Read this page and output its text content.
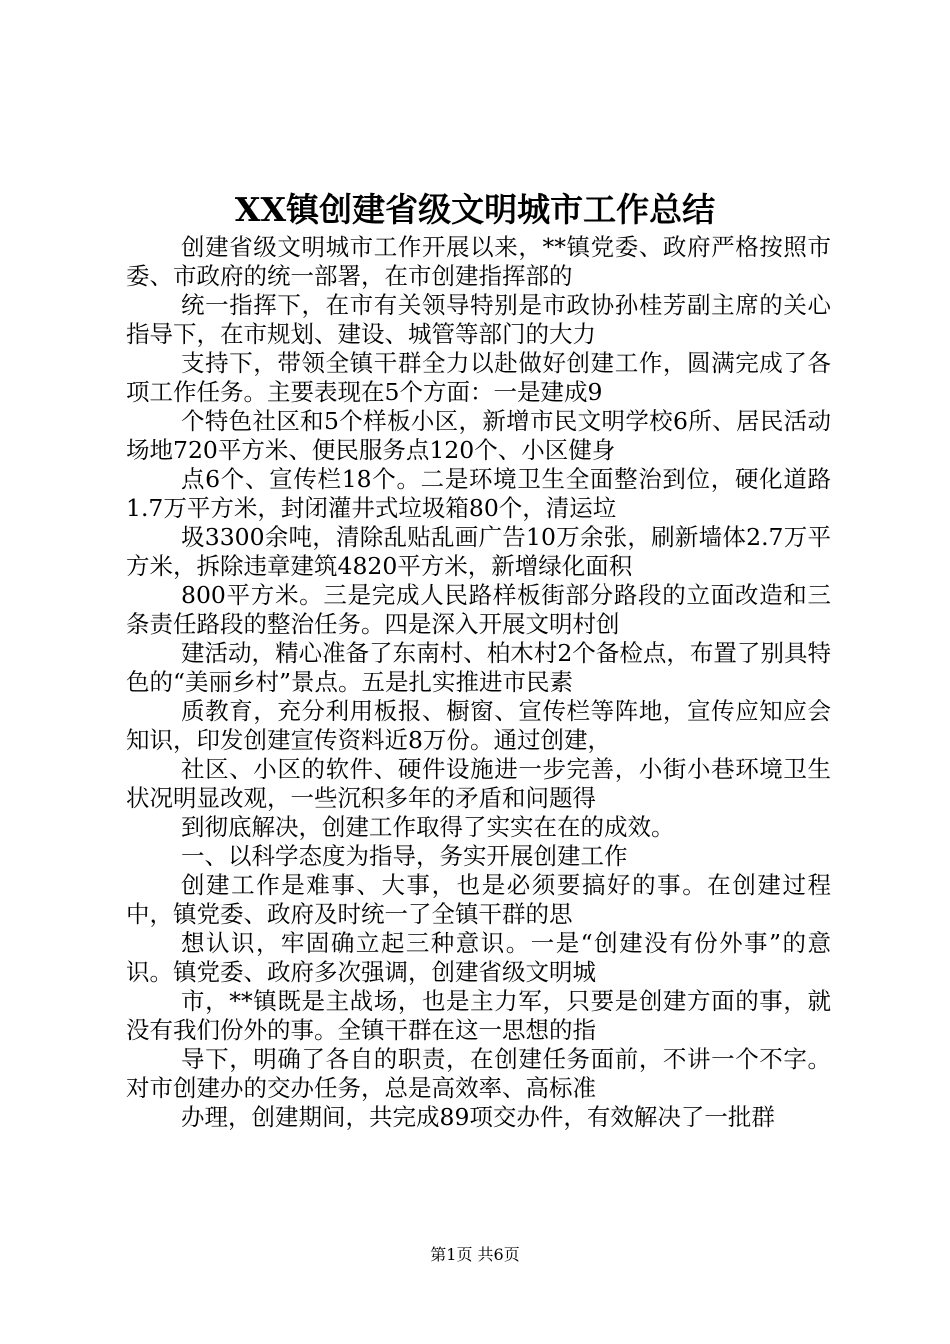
XX镇创建省级文明城市工作总结

创建省级文明城市工作开展以来，**镇党委、政府严格按照市委、市政府的统一部署，在市创建指挥部的

统一指挥下，在市有关领导特别是市政协孙桂芳副主席的关心指导下，在市规划、建设、城管等部门的大力

支持下，带领全镇干群全力以赴做好创建工作，圆满完成了各项工作任务。主要表现在5个方面：一是建成9

个特色社区和5个样板小区，新增市民文明学校6所、居民活动场地720平方米、便民服务点120个、小区健身

点6个、宣传栏18个。二是环境卫生全面整治到位，硬化道路1.7万平方米，封闭灌井式垃圾箱80个，清运垃

圾3300余吨，清除乱贴乱画广告10万余张，刷新墙体2.7万平方米，拆除违章建筑4820平方米，新增绿化面积

800平方米。三是完成人民路样板街部分路段的立面改造和三条责任路段的整治任务。四是深入开展文明村创

建活动，精心准备了东南村、柏木村2个备检点，布置了别具特色的“美丽乡村”景点。五是扎实推进市民素

质教育，充分利用板报、橱窗、宣传栏等阵地，宣传应知应会知识，印发创建宣传资料近8万份。通过创建，

社区、小区的软件、硬件设施进一步完善，小街小巷环境卫生状况明显改观，一些沉积多年的矛盾和问题得

到彻底解决，创建工作取得了实实在在的成效。

一、以科学态度为指导，务实开展创建工作

创建工作是难事、大事，也是必须要搞好的事。在创建过程中，镇党委、政府及时统一了全镇干群的思

想认识，牢固确立起三种意识。一是“创建没有份外事”的意识。镇党委、政府多次强调，创建省级文明城

市，**镇既是主战场，也是主力军，只要是创建方面的事，就没有我们份外的事。全镇干群在这一思想的指

导下，明确了各自的职责，在创建任务面前，不讲一个不字。对市创建办的交办任务，总是高效率、高标准

办理，创建期间，共完成89项交办件，有效解决了一批群

第1页 共6页
